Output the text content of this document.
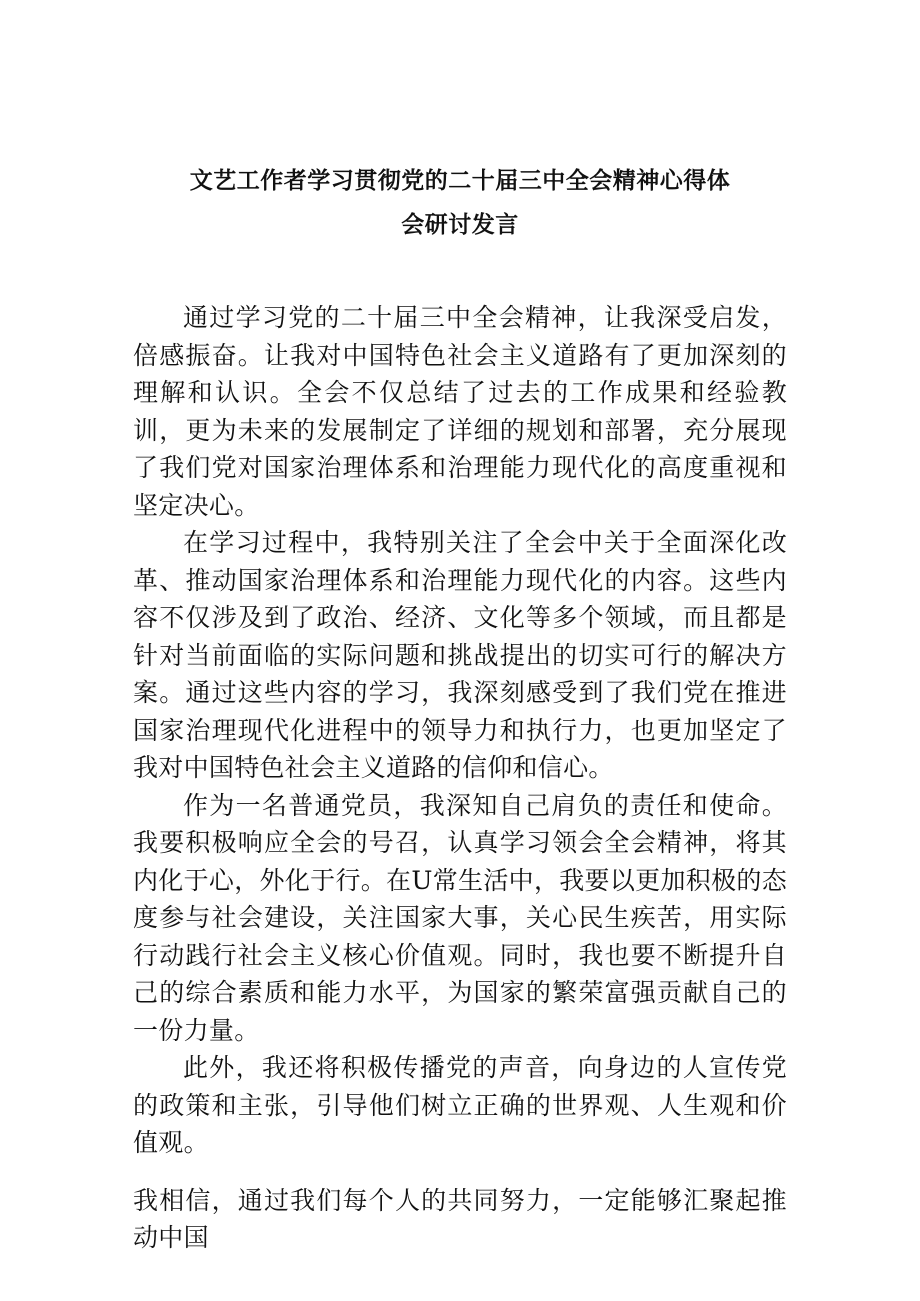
文艺工作者学习贯彻党的二十届三中全会精神心得体
会研讨发言

通过学习党的二十届三中全会精神，让我深受启发，倍感振奋。让我对中国特色社会主义道路有了更加深刻的理解和认识。全会不仅总结了过去的工作成果和经验教训，更为未来的发展制定了详细的规划和部署，充分展现了我们党对国家治理体系和治理能力现代化的高度重视和坚定决心。

在学习过程中，我特别关注了全会中关于全面深化改革、推动国家治理体系和治理能力现代化的内容。这些内容不仅涉及到了政治、经济、文化等多个领域，而且都是针对当前面临的实际问题和挑战提出的切实可行的解决方案。通过这些内容的学习，我深刻感受到了我们党在推进国家治理现代化进程中的领导力和执行力，也更加坚定了我对中国特色社会主义道路的信仰和信心。

作为一名普通党员，我深知自己肩负的责任和使命。我要积极响应全会的号召，认真学习领会全会精神，将其内化于心，外化于行。在U常生活中，我要以更加积极的态度参与社会建设，关注国家大事，关心民生疾苦，用实际行动践行社会主义核心价值观。同时，我也要不断提升自己的综合素质和能力水平，为国家的繁荣富强贡献自己的一份力量。

此外，我还将积极传播党的声音，向身边的人宣传党的政策和主张，引导他们树立正确的世界观、人生观和价值观。

我相信，通过我们每个人的共同努力，一定能够汇聚起推动中国
